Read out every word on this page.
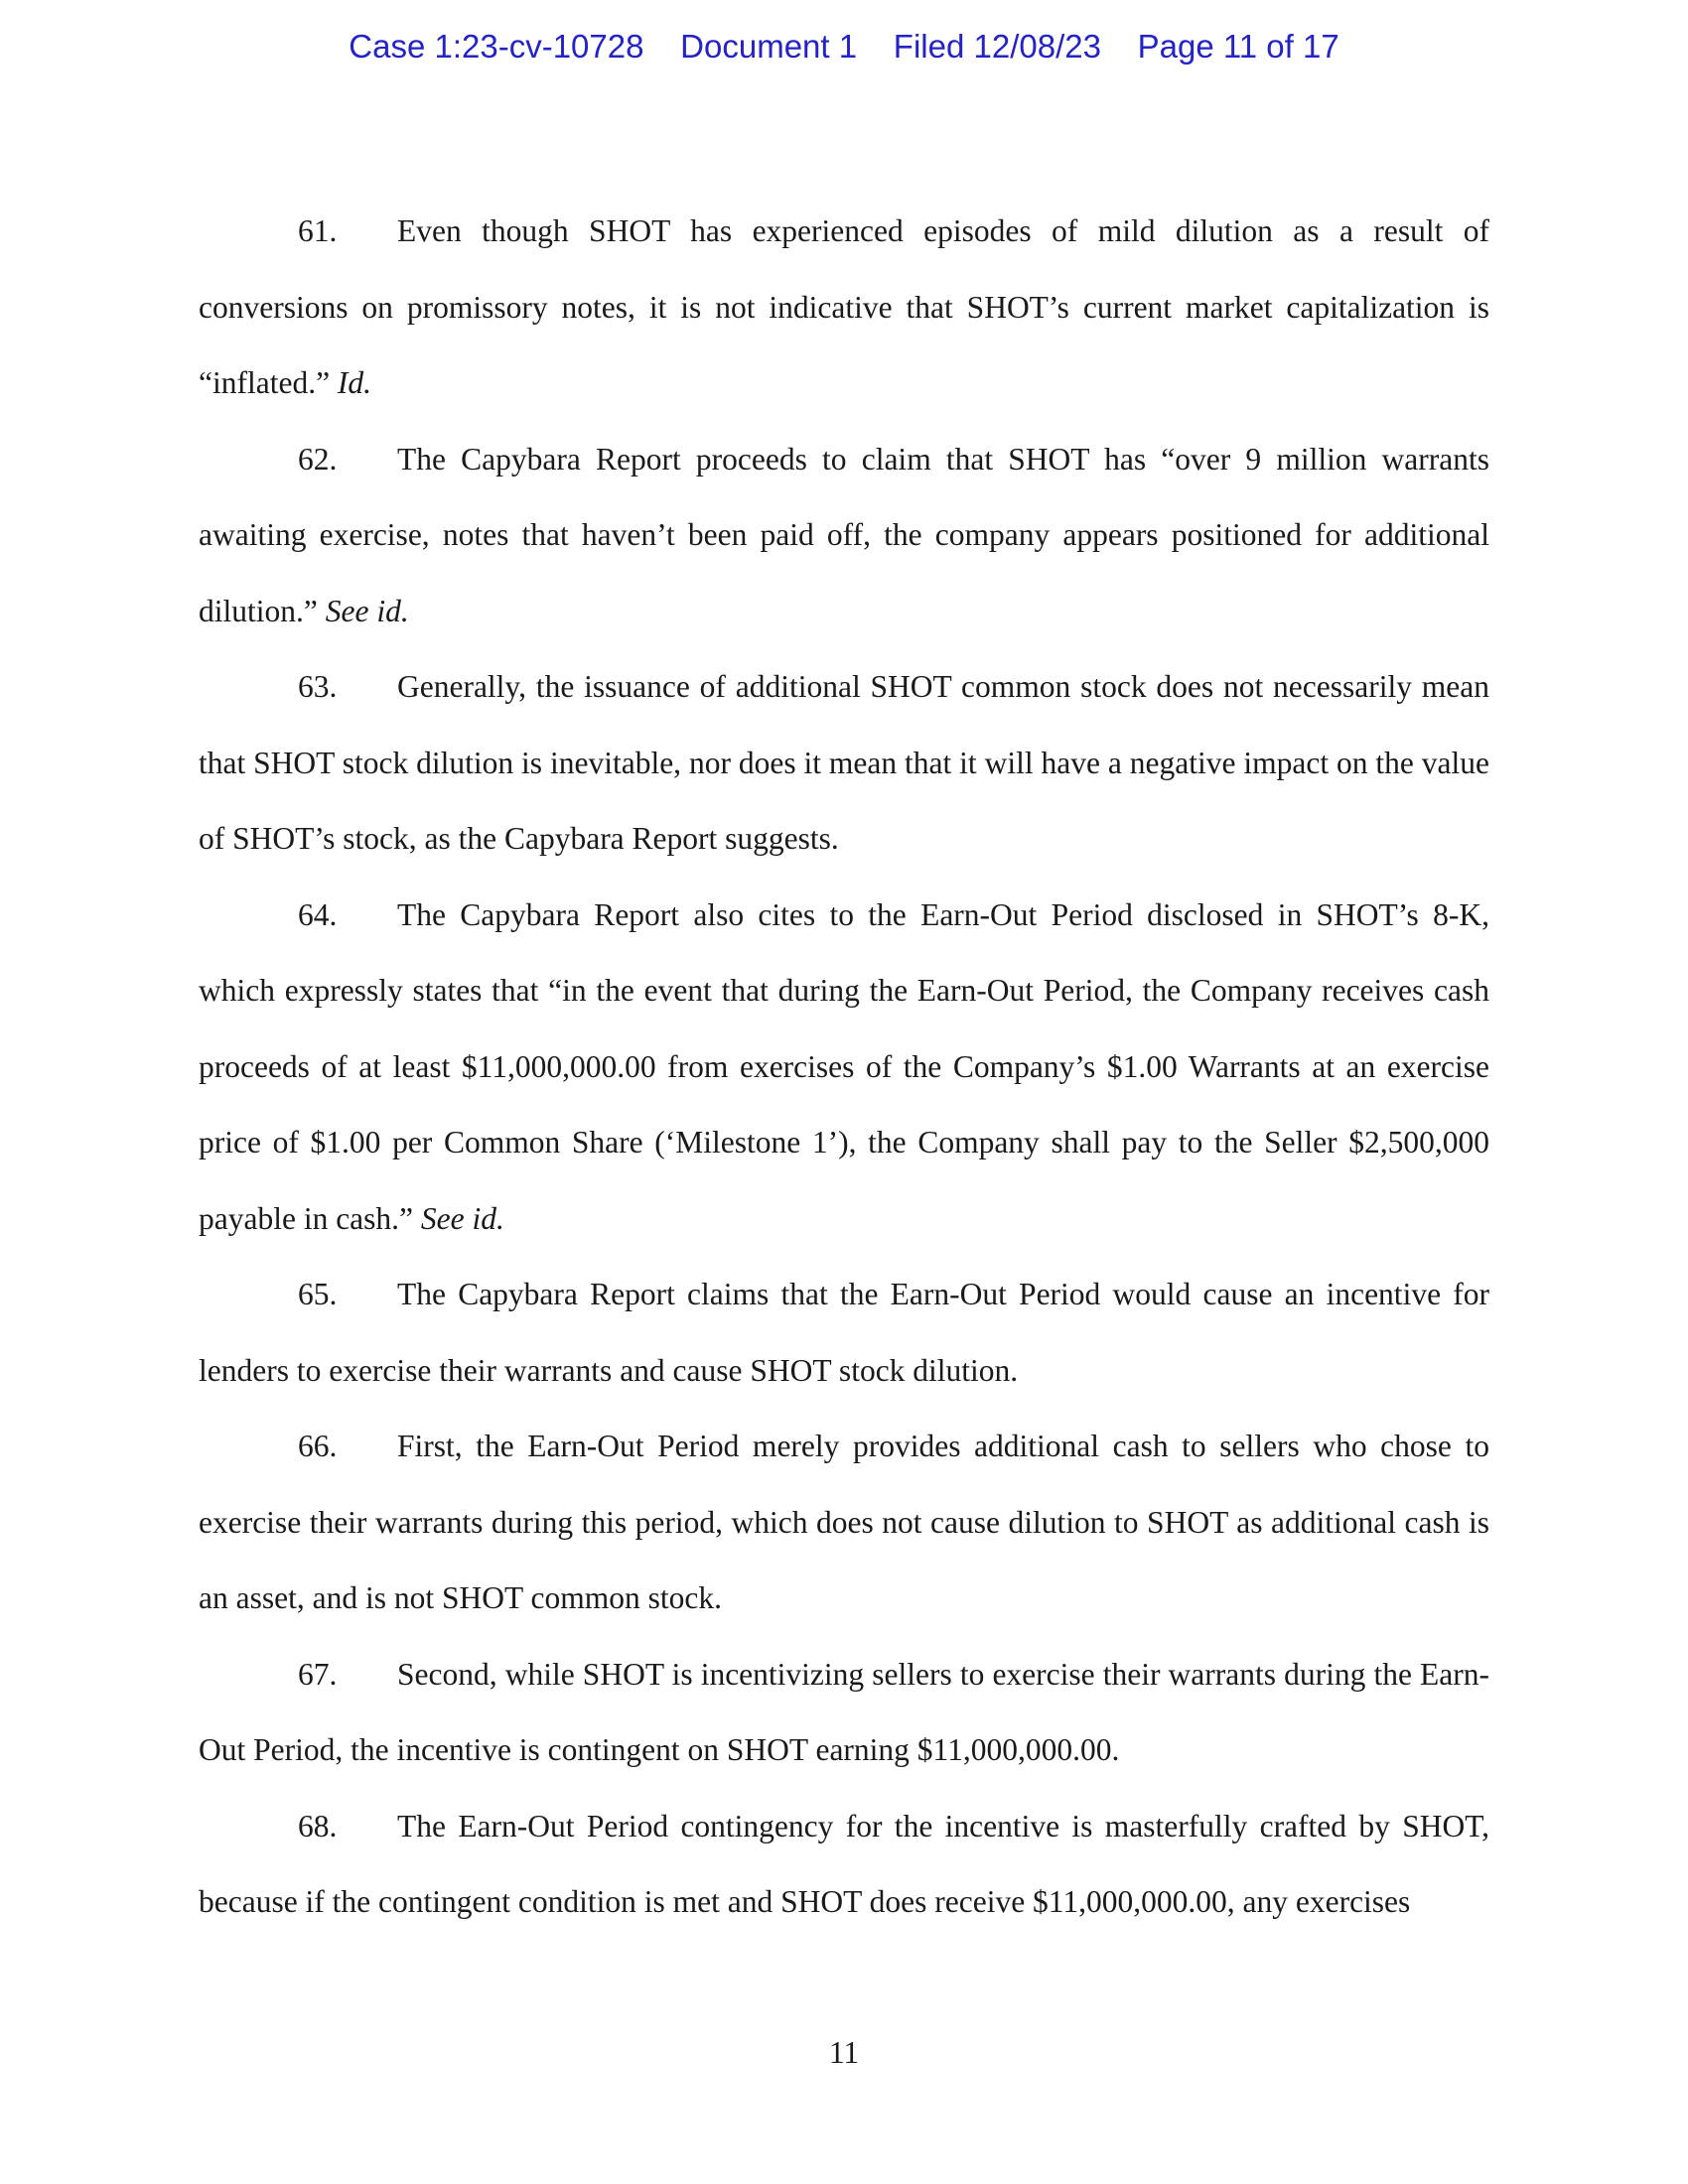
Case 1:23-cv-10728 Document 1 Filed 12/08/23 Page 11 of 17

61. Even though SHOT has experienced episodes of mild dilution as a result of conversions on promissory notes, it is not indicative that SHOT’s current market capitalization is “inflated.” Id.

62. The Capybara Report proceeds to claim that SHOT has “over 9 million warrants awaiting exercise, notes that haven’t been paid off, the company appears positioned for additional dilution.” See id.

63. Generally, the issuance of additional SHOT common stock does not necessarily mean that SHOT stock dilution is inevitable, nor does it mean that it will have a negative impact on the value of SHOT’s stock, as the Capybara Report suggests.

64. The Capybara Report also cites to the Earn-Out Period disclosed in SHOT’s 8-K, which expressly states that “in the event that during the Earn-Out Period, the Company receives cash proceeds of at least $11,000,000.00 from exercises of the Company’s $1.00 Warrants at an exercise price of $1.00 per Common Share (‘Milestone 1’), the Company shall pay to the Seller $2,500,000 payable in cash.” See id.

65. The Capybara Report claims that the Earn-Out Period would cause an incentive for lenders to exercise their warrants and cause SHOT stock dilution.

66. First, the Earn-Out Period merely provides additional cash to sellers who chose to exercise their warrants during this period, which does not cause dilution to SHOT as additional cash is an asset, and is not SHOT common stock.

67. Second, while SHOT is incentivizing sellers to exercise their warrants during the Earn-Out Period, the incentive is contingent on SHOT earning $11,000,000.00.

68. The Earn-Out Period contingency for the incentive is masterfully crafted by SHOT, because if the contingent condition is met and SHOT does receive $11,000,000.00, any exercises

11
